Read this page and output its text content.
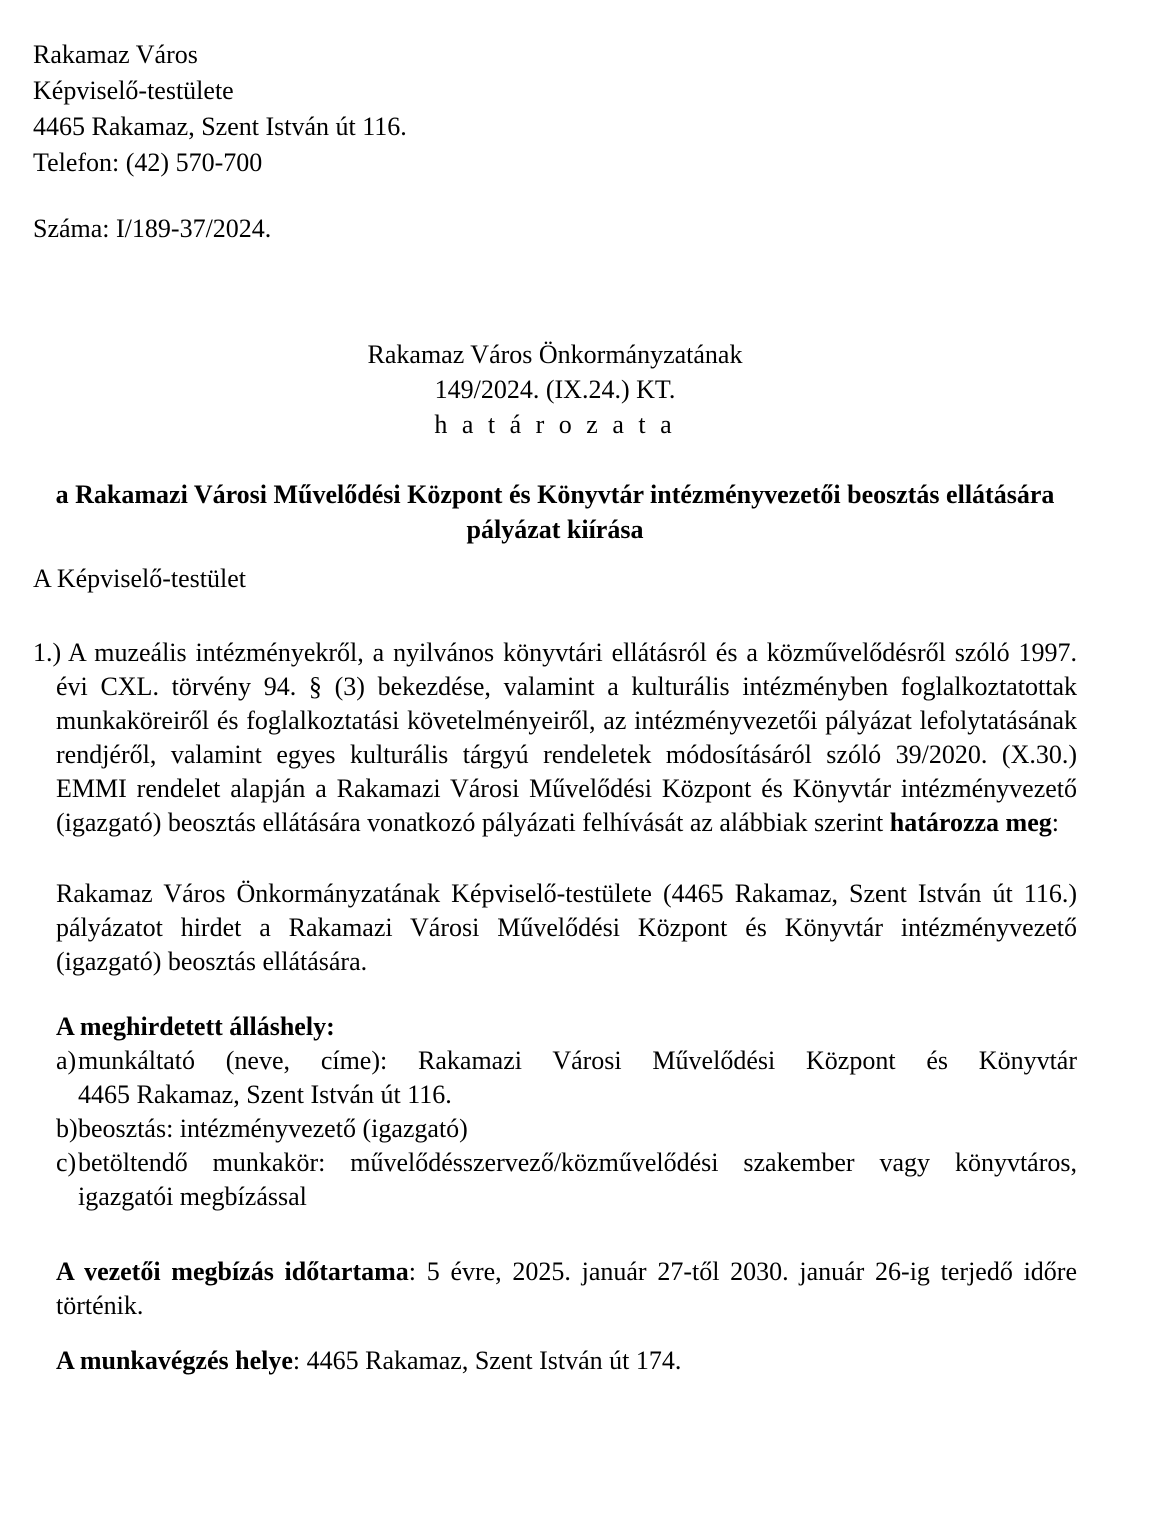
Rakamaz Város
Képviselő-testülete
4465 Rakamaz, Szent István út 116.
Telefon: (42) 570-700
Száma: I/189-37/2024.
Rakamaz Város Önkormányzatának
149/2024. (IX.24.) KT.
h a t á r o z a t a
a Rakamazi Városi Művelődési Központ és Könyvtár intézményvezetői beosztás ellátására pályázat kiírása
A Képviselő-testület
1.) A muzeális intézményekről, a nyilvános könyvtári ellátásról és a közművelődésről szóló 1997. évi CXL. törvény 94. § (3) bekezdése, valamint a kulturális intézményben foglalkoztatottak munkaköreiről és foglalkoztatási követelményeiről, az intézményvezetői pályázat lefolytatásának rendjéről, valamint egyes kulturális tárgyú rendeletek módosításáról szóló 39/2020. (X.30.) EMMI rendelet alapján a Rakamazi Városi Művelődési Központ és Könyvtár intézményvezető (igazgató) beosztás ellátására vonatkozó pályázati felhívását az alábbiak szerint határozza meg:
Rakamaz Város Önkormányzatának Képviselő-testülete (4465 Rakamaz, Szent István út 116.) pályázatot hirdet a Rakamazi Városi Művelődési Központ és Könyvtár intézményvezető (igazgató) beosztás ellátására.
A meghirdetett álláshely:
a) munkáltató (neve, címe): Rakamazi Városi Művelődési Központ és Könyvtár
4465 Rakamaz, Szent István út 116.
b) beosztás: intézményvezető (igazgató)
c) betöltendő munkakör: művelődésszervező/közművelődési szakember vagy könyvtáros, igazgatói megbízással
A vezetői megbízás időtartama: 5 évre, 2025. január 27-től 2030. január 26-ig terjedő időre történik.
A munkavégzés helye: 4465 Rakamaz, Szent István út 174.
